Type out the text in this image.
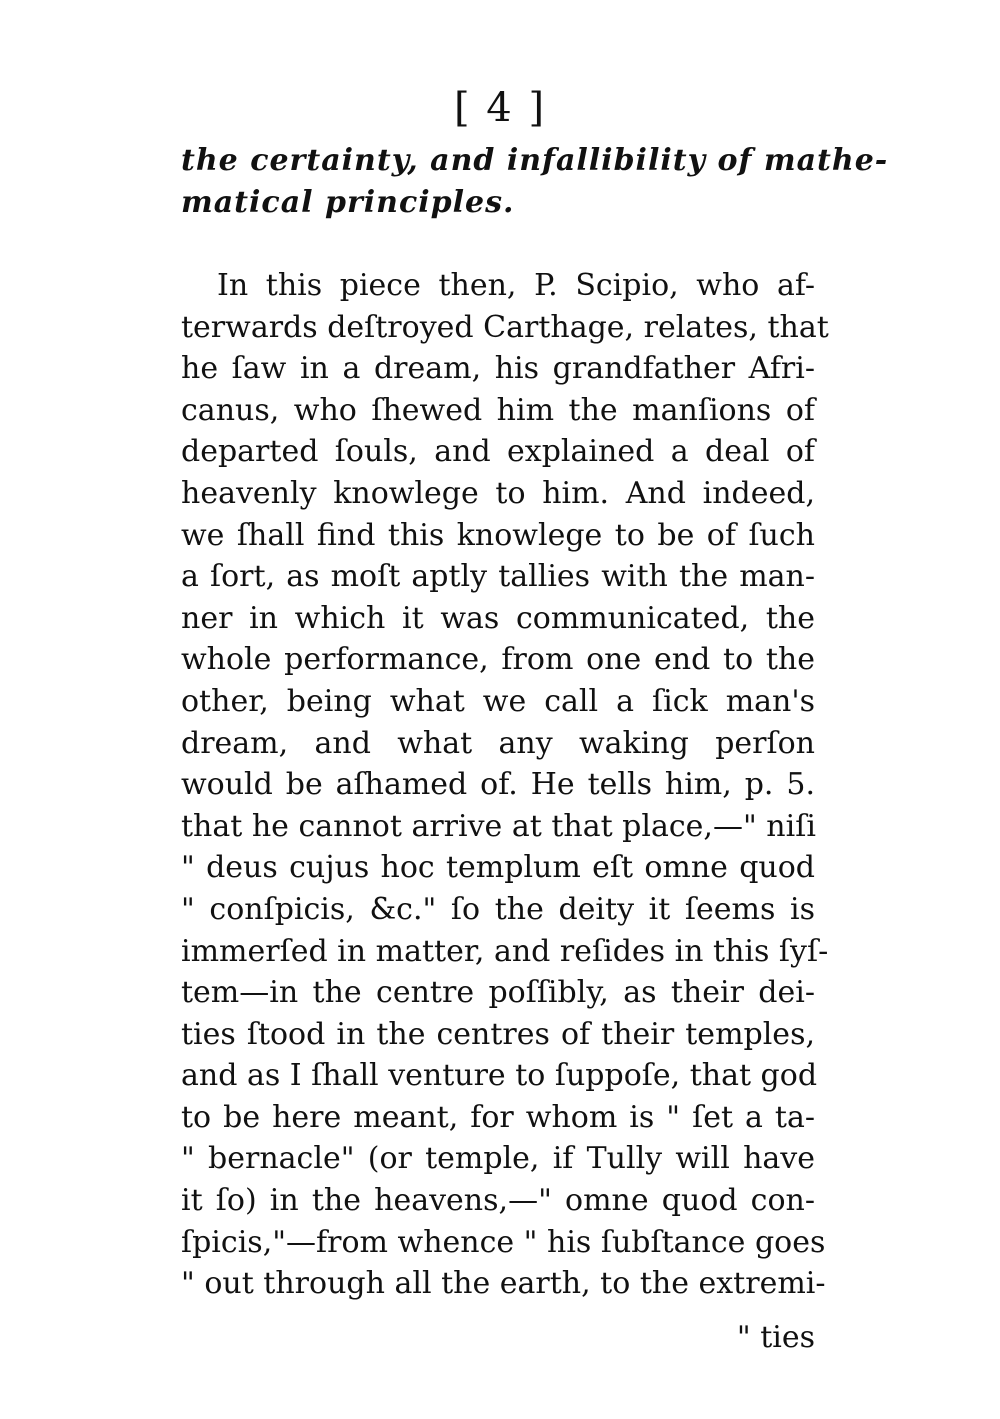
[ 4 ]
the certainty, and infallibility of mathe-
matical principles.
In this piece then, P. Scipio, who af-
terwards deſtroyed Carthage, relates, that
he ſaw in a dream, his grandfather Afri-
canus, who ſhewed him the manſions of
departed ſouls, and explained a deal of
heavenly knowlege to him. And indeed,
we ſhall find this knowlege to be of ſuch
a ſort, as moſt aptly tallies with the man-
ner in which it was communicated, the
whole performance, from one end to the
other, being what we call a ſick man's
dream, and what any waking perſon
would be aſhamed of. He tells him, p. 5.
that he cannot arrive at that place,—" niſi
" deus cujus hoc templum eſt omne quod
" conſpicis, &c." ſo the deity it ſeems is
immerſed in matter, and reſides in this ſyſ-
tem—in the centre poſſibly, as their dei-
ties ſtood in the centres of their temples,
and as I ſhall venture to ſuppoſe, that god
to be here meant, for whom is " ſet a ta-
" bernacle" (or temple, if Tully will have
it ſo) in the heavens,—" omne quod con-
ſpicis,"—from whence " his ſubſtance goes
" out through all the earth, to the extremi-
" ties
